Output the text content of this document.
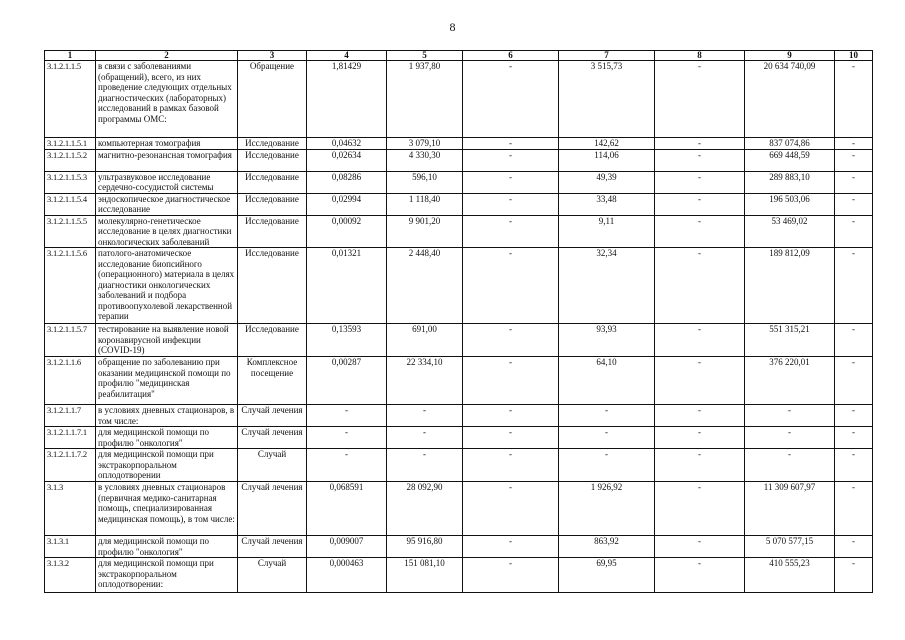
8
1	2	3	4	5	6	7	8	9	10
3.1.2.1.1.5	в связи с заболеваниями (обращений), всего, из них проведение следующих отдельных диагностических (лабораторных) исследований в рамках базовой программы ОМС:	Обращение	1,81429	1 937,80	-	3 515,73	-	20 634 740,09	-
3.1.2.1.1.5.1	компьютерная томография	Исследование	0,04632	3 079,10	-	142,62	-	837 074,86	-
3.1.2.1.1.5.2	магнитно-резонансная томография	Исследование	0,02634	4 330,30	-	114,06	-	669 448,59	-
3.1.2.1.1.5.3	ультразвуковое исследование сердечно-сосудистой системы	Исследование	0,08286	596,10	-	49,39	-	289 883,10	-
3.1.2.1.1.5.4	эндоскопическое диагностическое исследование	Исследование	0,02994	1 118,40	-	33,48	-	196 503,06	-
3.1.2.1.1.5.5	молекулярно-генетическое исследование в целях диагностики онкологических заболеваний	Исследование	0,00092	9 901,20	-	9,11	-	53 469,02	-
3.1.2.1.1.5.6	патолого-анатомическое исследование биопсийного (операционного) материала в целях диагностики онкологических заболеваний и подбора противоопухолевой лекарственной терапии	Исследование	0,01321	2 448,40	-	32,34	-	189 812,09	-
3.1.2.1.1.5.7	тестирование на выявление новой коронавирусной инфекции (COVID-19)	Исследование	0,13593	691,00	-	93,93	-	551 315,21	-
3.1.2.1.1.6	обращение по заболеванию при оказании медицинской помощи по профилю "медицинская реабилитация"	Комплексное посещение	0,00287	22 334,10	-	64,10	-	376 220,01	-
3.1.2.1.1.7	в условиях дневных стационаров, в том числе:	Случай лечения	-	-	-	-	-	-	-
3.1.2.1.1.7.1	для медицинской помощи по профилю "онкология"	Случай лечения	-	-	-	-	-	-	-
3.1.2.1.1.7.2	для медицинской помощи при экстракорпоральном оплодотворении	Случай	-	-	-	-	-	-	-
3.1.3	в условиях дневных стационаров (первичная медико-санитарная помощь, специализированная медицинская помощь), в том числе:	Случай лечения	0,068591	28 092,90	-	1 926,92	-	11 309 607,97	-
3.1.3.1	для медицинской помощи по профилю "онкология"	Случай лечения	0,009007	95 916,80	-	863,92	-	5 070 577,15	-
3.1.3.2	для медицинской помощи при экстракорпоральном оплодотворении:	Случай	0,000463	151 081,10	-	69,95	-	410 555,23	-
